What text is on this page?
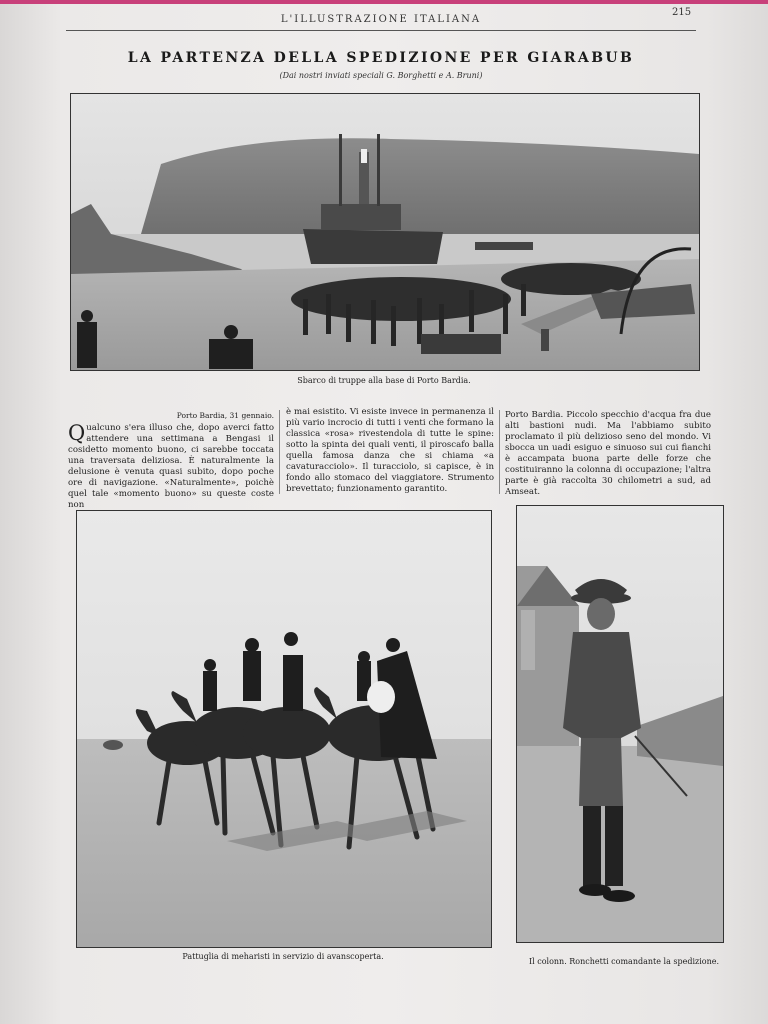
L'ILLUSTRAZIONE ITALIANA
215
LA PARTENZA DELLA SPEDIZIONE PER GIARABUB
(Dai nostri inviati speciali G. Borghetti e A. Bruni)
Sbarco di truppe alla base di Porto Bardia.

Porto Bardia, 31 gennaio.

Qualcuno s'era illuso che, dopo averci fatto attendere una settimana a Bengasi il cosidetto momento buono, ci sarebbe toccata una traversata deliziosa. È naturalmente la delusione è venuta quasi subito, dopo poche ore di navigazione. «Naturalmente», poichè quel tale «momento buono» su queste coste non

è mai esistito. Vi esiste invece in permanenza il più vario incrocio di tutti i venti che formano la classica «rosa» rivestendola di tutte le spine: sotto la spinta dei quali venti, il piroscafo balla quella famosa danza che si chiama «a cavaturacciolo». Il turacciolo, si capisce, è in fondo allo stomaco del viaggiatore. Strumento brevettato; funzionamento garantito.

Porto Bardia. Piccolo specchio d'acqua fra due alti bastioni nudi. Ma l'abbiamo subito proclamato il più delizioso seno del mondo. Vi sbocca un uadi esiguo e sinuoso sui cui fianchi è accampata buona parte delle forze che costituiranno la colonna di occupazione; l'altra parte è già raccolta 30 chilometri a sud, ad Amseat.

Pattuglia di meharisti in servizio di avanscoperta.
Il colonn. Ronchetti comandante la spedizione.
